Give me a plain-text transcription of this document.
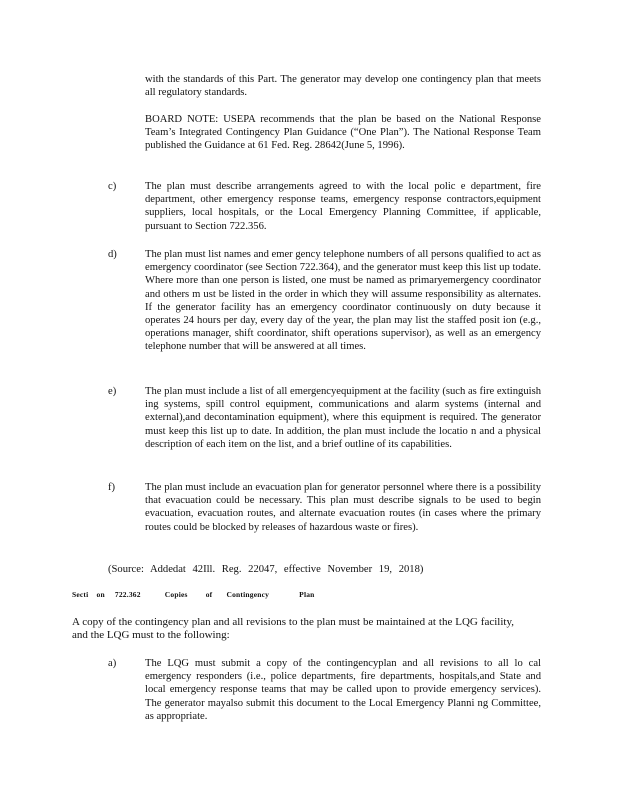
with the standards of this Part. The generator may develop one contingency plan that meets all regulatory standards.

BOARD NOTE: USEPA recommends that the plan be based on the National Response Team’s Integrated Contingency Plan Guidance (“One Plan”). The National Response Team published the Guidance at 61 Fed. Reg. 28642(June 5, 1996).

c)	The plan must describe arrangements agreed to with the local polic e department, fire department, other emergency response teams, emergency response contractors,equipment suppliers, local hospitals, or the Local Emergency Planning Committee, if applicable, pursuant to Section 722.356.

d)	The plan must list names and emer gency telephone numbers of all persons qualified to act as emergency coordinator (see Section 722.364), and the generator must keep this list up todate. Where more than one person is listed, one must be named as primaryemergency coordinator and others m ust be listed in the order in which they will assume responsibility as alternates. If the generator facility has an emergency coordinator continuously on duty because it operates 24 hours per day, every day of the year, the plan may list the staffed posit ion (e.g., operations manager, shift coordinator, shift operations supervisor), as well as an emergency telephone number that will be answered at all times.

e)	The plan must include a list of all emergencyequipment at the facility (such as fire extinguish ing systems, spill control equipment, communications and alarm systems (internal and external),and decontamination equipment), where this equipment is required. The generator must keep this list up to date. In addition, the plan must include the locatio n and a physical description of each item on the list, and a brief outline of its capabilities.

f)	The plan must include an evacuation plan for generator personnel where there is a possibility that evacuation could be necessary. This plan must describe signals to be used to begin evacuation, evacuation routes, and alternate evacuation routes (in cases where the primary routes could be blocked by releases of hazardous waste or fires).

(Source: Addedat 42Ill. Reg. 22047, effective November 19, 2018)

Secti on 722.362	Copies of Contingency	Plan

A copy of the contingency plan and all revisions to the plan must be maintained at the LQG facility, and the LQG must to the following:

a)	The LQG must submit a copy of the contingencyplan and all revisions to all lo cal emergency responders (i.e., police departments, fire departments, hospitals,and State and local emergency response teams that may be called upon to provide emergency services). The generator mayalso submit this document to the Local Emergency Planni ng Committee, as appropriate.
